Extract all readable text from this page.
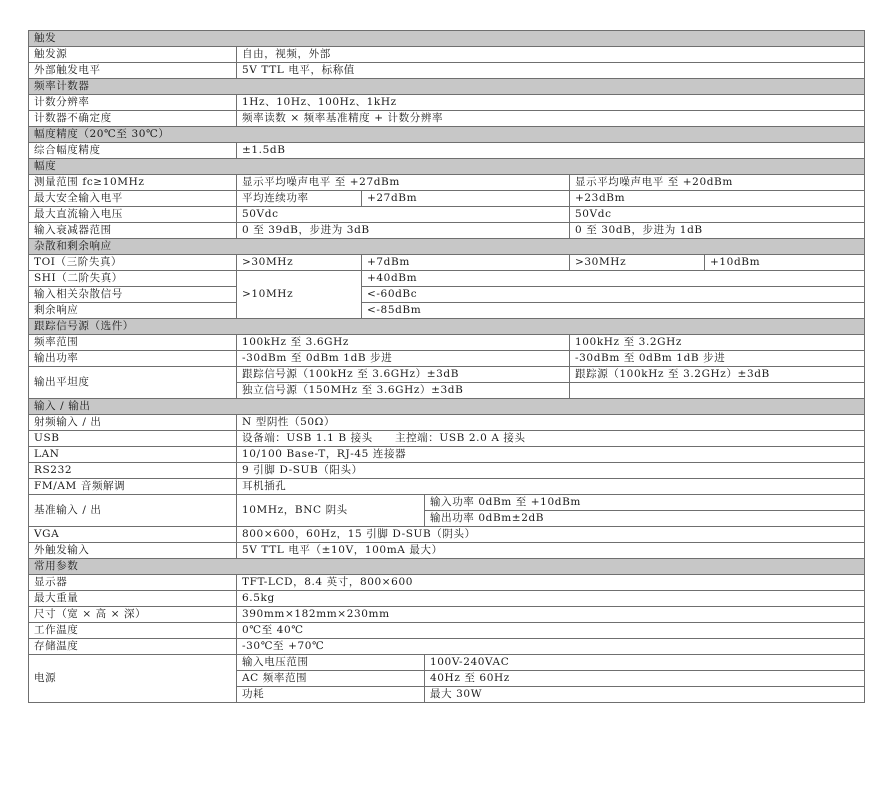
触发					
触发源	自由，视频，外部				
外部触发电平	5V TTL 电平，标称值				
频率计数器					
计数分辨率	1Hz、10Hz、100Hz、1kHz				
计数器不确定度	频率读数 × 频率基准精度 + 计数分辨率				
幅度精度（20℃至 30℃）					
综合幅度精度	±1.5dB				
幅度					
测量范围 fc≥10MHz	显示平均噪声电平 至 +27dBm			显示平均噪声电平 至 +20dBm	
最大安全输入电平	平均连续功率	+27dBm		+23dBm	
最大直流输入电压	50Vdc			50Vdc	
输入衰减器范围	0 至 39dB，步进为 3dB			0 至 30dB，步进为 1dB	
杂散和剩余响应					
TOI（三阶失真）	>30MHz	+7dBm		>30MHz	+10dBm
SHI（二阶失真）	>10MHz	+40dBm			
输入相关杂散信号		<-60dBc			
剩余响应		<-85dBm			
跟踪信号源（选件）					
频率范围	100kHz 至 3.6GHz			100kHz 至 3.2GHz	
输出功率	-30dBm 至 0dBm 1dB 步进			-30dBm 至 0dBm 1dB 步进	
输出平坦度	跟踪信号源（100kHz 至 3.6GHz）±3dB			跟踪源（100kHz 至 3.2GHz）±3dB	
	独立信号源（150MHz 至 3.6GHz）±3dB				
输入 / 输出					
射频输入 / 出	N 型阴性（50Ω）				
USB	设备端：USB 1.1 B 接头　　主控端：USB 2.0 A 接头				
LAN	10/100 Base-T，RJ-45 连接器				
RS232	9 引脚 D-SUB（阳头）				
FM/AM 音频解调	耳机插孔				
基准输入 / 出	10MHz，BNC 阴头		输入功率 0dBm 至 +10dBm		
			输出功率 0dBm±2dB		
VGA	800×600，60Hz，15 引脚 D-SUB（阴头）				
外触发输入	5V TTL 电平（±10V，100mA 最大）				
常用参数					
显示器	TFT-LCD，8.4 英寸，800×600				
最大重量	6.5kg				
尺寸（宽 × 高 × 深）	390mm×182mm×230mm				
工作温度	0℃至 40℃				
存储温度	-30℃至 +70℃				
电源	输入电压范围		100V-240VAC		
	AC 频率范围		40Hz 至 60Hz		
	功耗		最大 30W		
